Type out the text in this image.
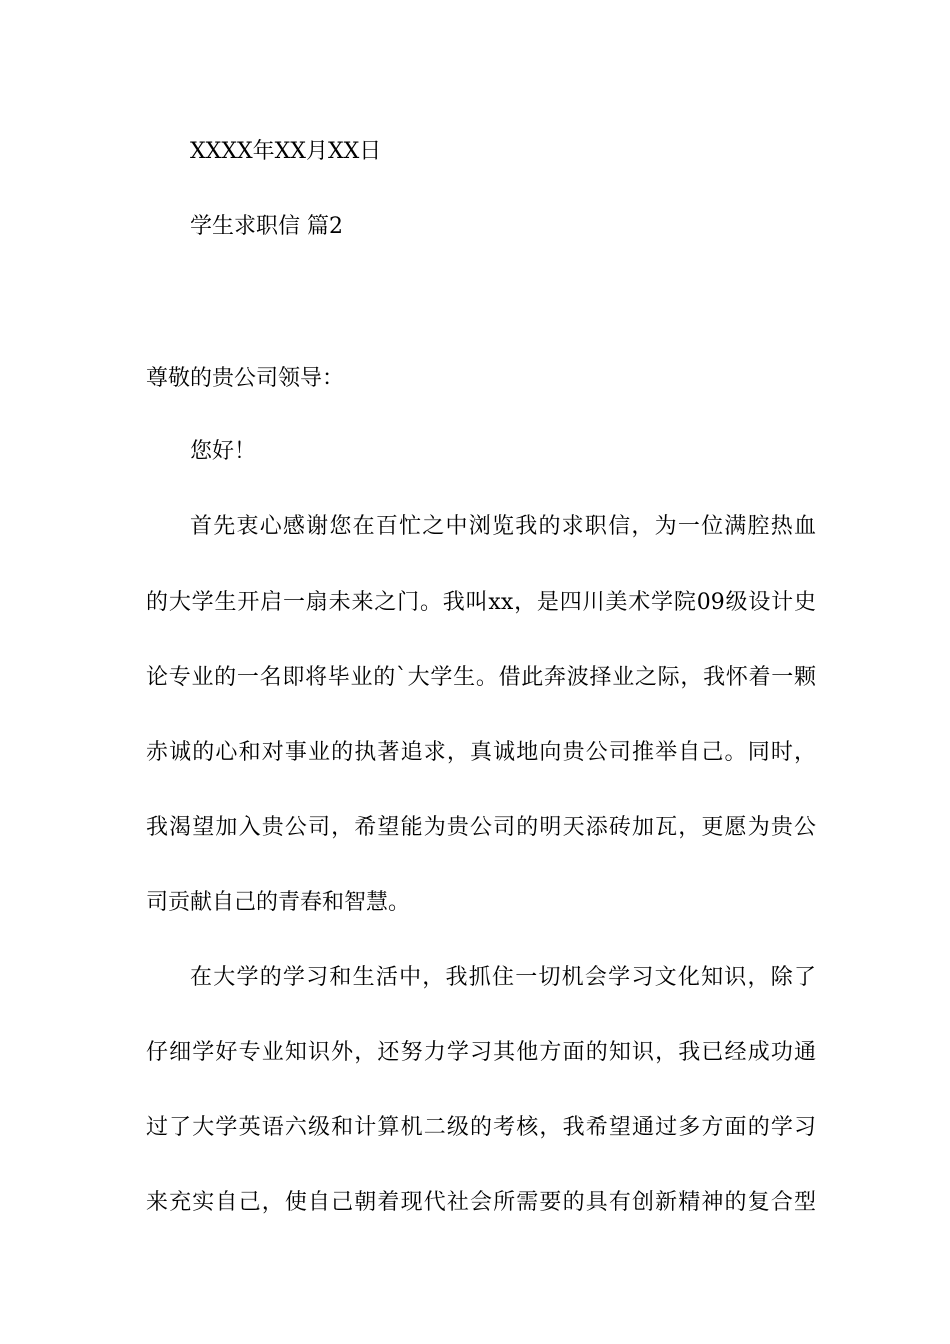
XXXX年XX月XX日
学生求职信 篇2
尊敬的贵公司领导：
您好！
首先衷心感谢您在百忙之中浏览我的求职信，为一位满腔热血
的大学生开启一扇未来之门。我叫xx，是四川美术学院09级设计史
论专业的一名即将毕业的`大学生。借此奔波择业之际，我怀着一颗
赤诚的心和对事业的执著追求，真诚地向贵公司推举自己。同时，
我渴望加入贵公司，希望能为贵公司的明天添砖加瓦，更愿为贵公
司贡献自己的青春和智慧。
在大学的学习和生活中，我抓住一切机会学习文化知识，除了
仔细学好专业知识外，还努力学习其他方面的知识，我已经成功通
过了大学英语六级和计算机二级的考核，我希望通过多方面的学习
来充实自己，使自己朝着现代社会所需要的具有创新精神的复合型
